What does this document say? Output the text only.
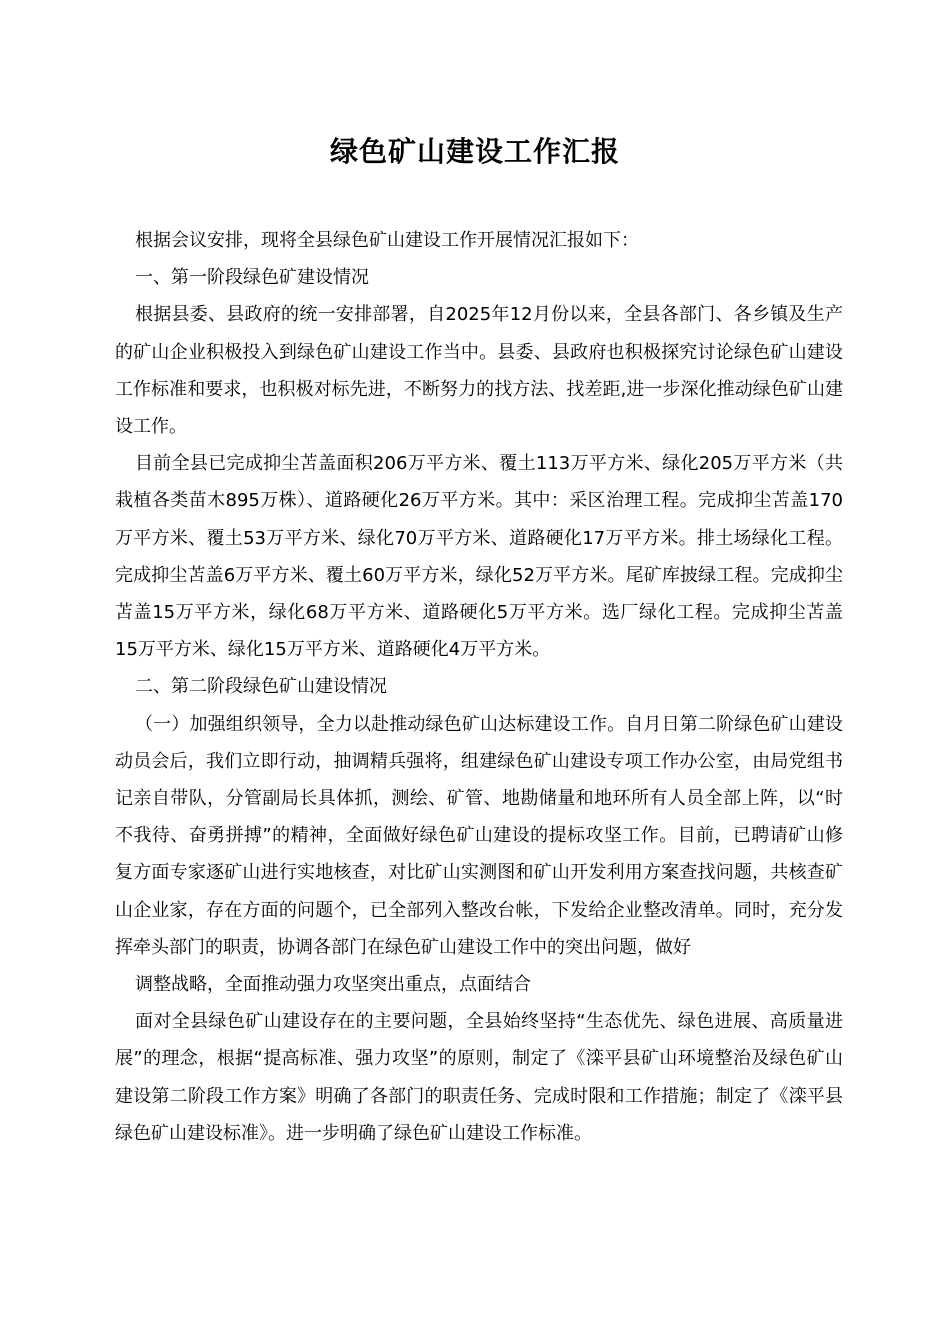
绿色矿山建设工作汇报

根据会议安排，现将全县绿色矿山建设工作开展情况汇报如下：

一、第一阶段绿色矿建设情况

根据县委、县政府的统一安排部署，自2025年12月份以来，全县各部门、各乡镇及生产的矿山企业积极投入到绿色矿山建设工作当中。县委、县政府也积极探究讨论绿色矿山建设工作标准和要求，也积极对标先进，不断努力的找方法、找差距,进一步深化推动绿色矿山建设工作。

目前全县已完成抑尘苫盖面积206万平方米、覆土113万平方米、绿化205万平方米（共栽植各类苗木895万株）、道路硬化26万平方米。其中：采区治理工程。完成抑尘苫盖170万平方米、覆土53万平方米、绿化70万平方米、道路硬化17万平方米。排土场绿化工程。完成抑尘苫盖6万平方米、覆土60万平方米，绿化52万平方米。尾矿库披绿工程。完成抑尘苫盖15万平方米，绿化68万平方米、道路硬化5万平方米。选厂绿化工程。完成抑尘苫盖15万平方米、绿化15万平方米、道路硬化4万平方米。

二、第二阶段绿色矿山建设情况

（一）加强组织领导，全力以赴推动绿色矿山达标建设工作。自月日第二阶绿色矿山建设动员会后，我们立即行动，抽调精兵强将，组建绿色矿山建设专项工作办公室，由局党组书记亲自带队，分管副局长具体抓，测绘、矿管、地勘储量和地环所有人员全部上阵，以“时不我待、奋勇拼搏”的精神，全面做好绿色矿山建设的提标攻坚工作。目前，已聘请矿山修复方面专家逐矿山进行实地核查，对比矿山实测图和矿山开发利用方案查找问题，共核查矿山企业家，存在方面的问题个，已全部列入整改台帐，下发给企业整改清单。同时，充分发挥牵头部门的职责，协调各部门在绿色矿山建设工作中的突出问题，做好

调整战略，全面推动强力攻坚突出重点，点面结合

面对全县绿色矿山建设存在的主要问题，全县始终坚持“生态优先、绿色进展、高质量进展”的理念，根据“提高标准、强力攻坚”的原则，制定了《滦平县矿山环境整治及绿色矿山建设第二阶段工作方案》明确了各部门的职责任务、完成时限和工作措施；制定了《滦平县绿色矿山建设标准》。进一步明确了绿色矿山建设工作标准。
